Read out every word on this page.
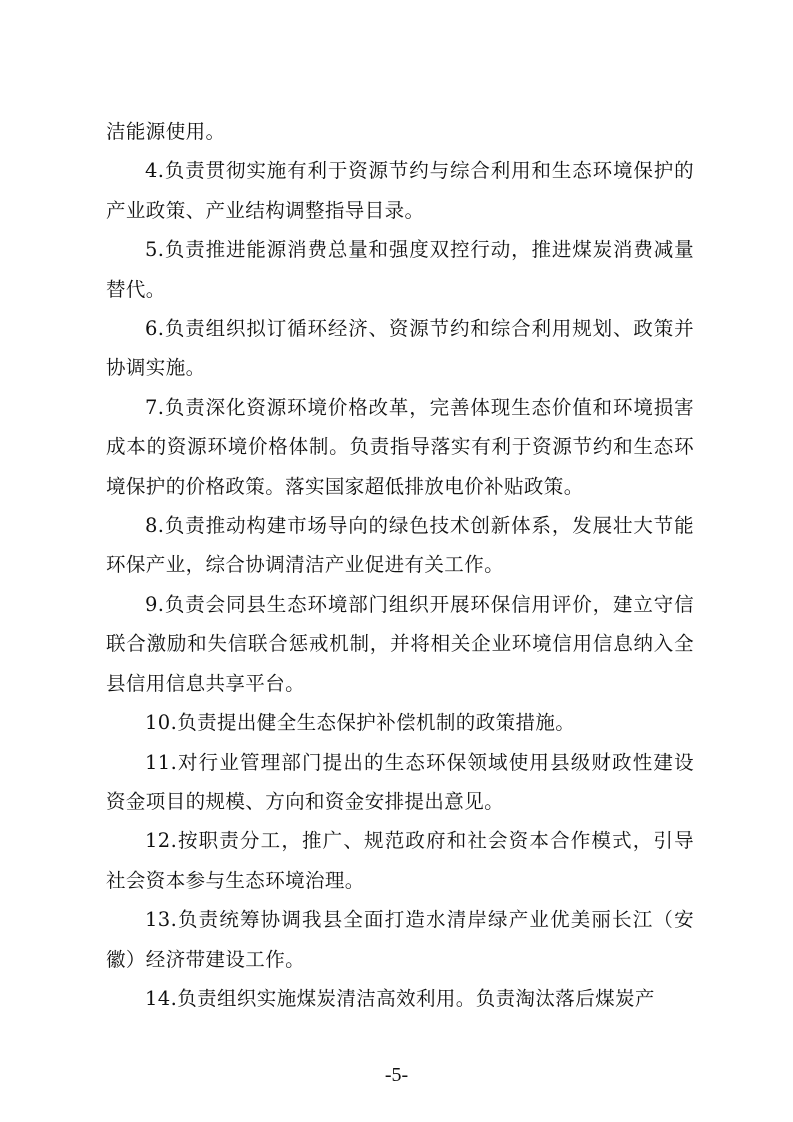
洁能源使用。

4.负责贯彻实施有利于资源节约与综合利用和生态环境保护的产业政策、产业结构调整指导目录。

5.负责推进能源消费总量和强度双控行动，推进煤炭消费减量替代。

6.负责组织拟订循环经济、资源节约和综合利用规划、政策并协调实施。

7.负责深化资源环境价格改革，完善体现生态价值和环境损害成本的资源环境价格体制。负责指导落实有利于资源节约和生态环境保护的价格政策。落实国家超低排放电价补贴政策。

8.负责推动构建市场导向的绿色技术创新体系，发展壮大节能环保产业，综合协调清洁产业促进有关工作。

9.负责会同县生态环境部门组织开展环保信用评价，建立守信联合激励和失信联合惩戒机制，并将相关企业环境信用信息纳入全县信用信息共享平台。

10.负责提出健全生态保护补偿机制的政策措施。

11.对行业管理部门提出的生态环保领域使用县级财政性建设资金项目的规模、方向和资金安排提出意见。

12.按职责分工，推广、规范政府和社会资本合作模式，引导社会资本参与生态环境治理。

13.负责统筹协调我县全面打造水清岸绿产业优美丽长江（安徽）经济带建设工作。

14.负责组织实施煤炭清洁高效利用。负责淘汰落后煤炭产

-5-
